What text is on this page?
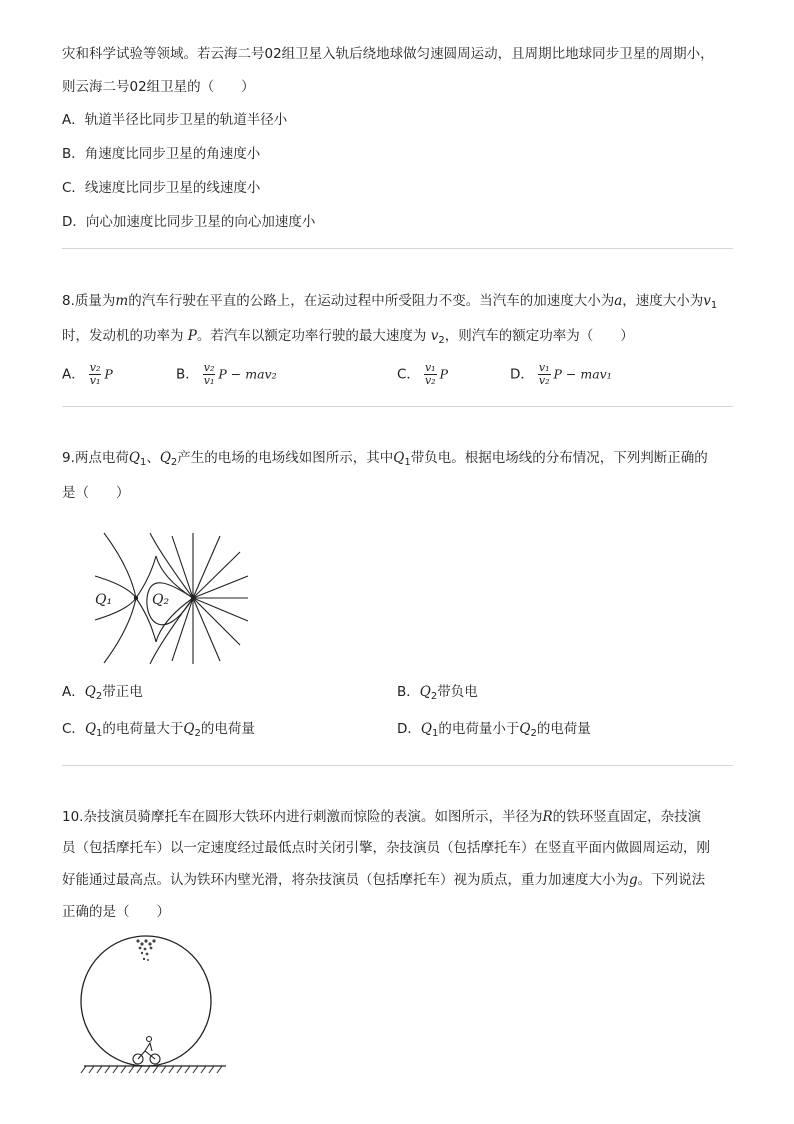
灾和科学试验等领域。若云海二号02组卫星入轨后绕地球做匀速圆周运动，且周期比地球同步卫星的周期小，
则云海二号02组卫星的（　　）
A．轨道半径比同步卫星的轨道半径小
B．角速度比同步卫星的角速度小
C．线速度比同步卫星的线速度小
D．向心加速度比同步卫星的向心加速度小
8.质量为m的汽车行驶在平直的公路上，在运动过程中所受阻力不变。当汽车的加速度大小为a，速度大小为$v_1$
时，发动机的功率为 P。若汽车以额定功率行驶的最大速度为 $v_2$，则汽车的额定功率为（　　）
A． $\frac{\text{v₂}}{\text{v₁}}$ P	B． $\frac{\text{v₂}}{\text{v₁}}$ P − mav₂	C． $\frac{\text{v₁}}{\text{v₂}}$ P	D． $\frac{\text{v₁}}{\text{v₂}}$ P − mav₁
9.两点电荷$Q_1$、$Q_2$产生的电场的电场线如图所示，其中$Q_1$带负电。根据电场线的分布情况，下列判断正确的
是（　　）
Q₁	Q₂
A．$Q_2$带正电	B．$Q_2$带负电
C．$Q_1$的电荷量大于$Q_2$的电荷量	D．$Q_1$的电荷量小于$Q_2$的电荷量
10.杂技演员骑摩托车在圆形大铁环内进行刺激而惊险的表演。如图所示，半径为R的铁环竖直固定，杂技演
员（包括摩托车）以一定速度经过最低点时关闭引擎，杂技演员（包括摩托车）在竖直平面内做圆周运动，刚
好能通过最高点。认为铁环内壁光滑，将杂技演员（包括摩托车）视为质点，重力加速度大小为g。下列说法
正确的是（　　）
